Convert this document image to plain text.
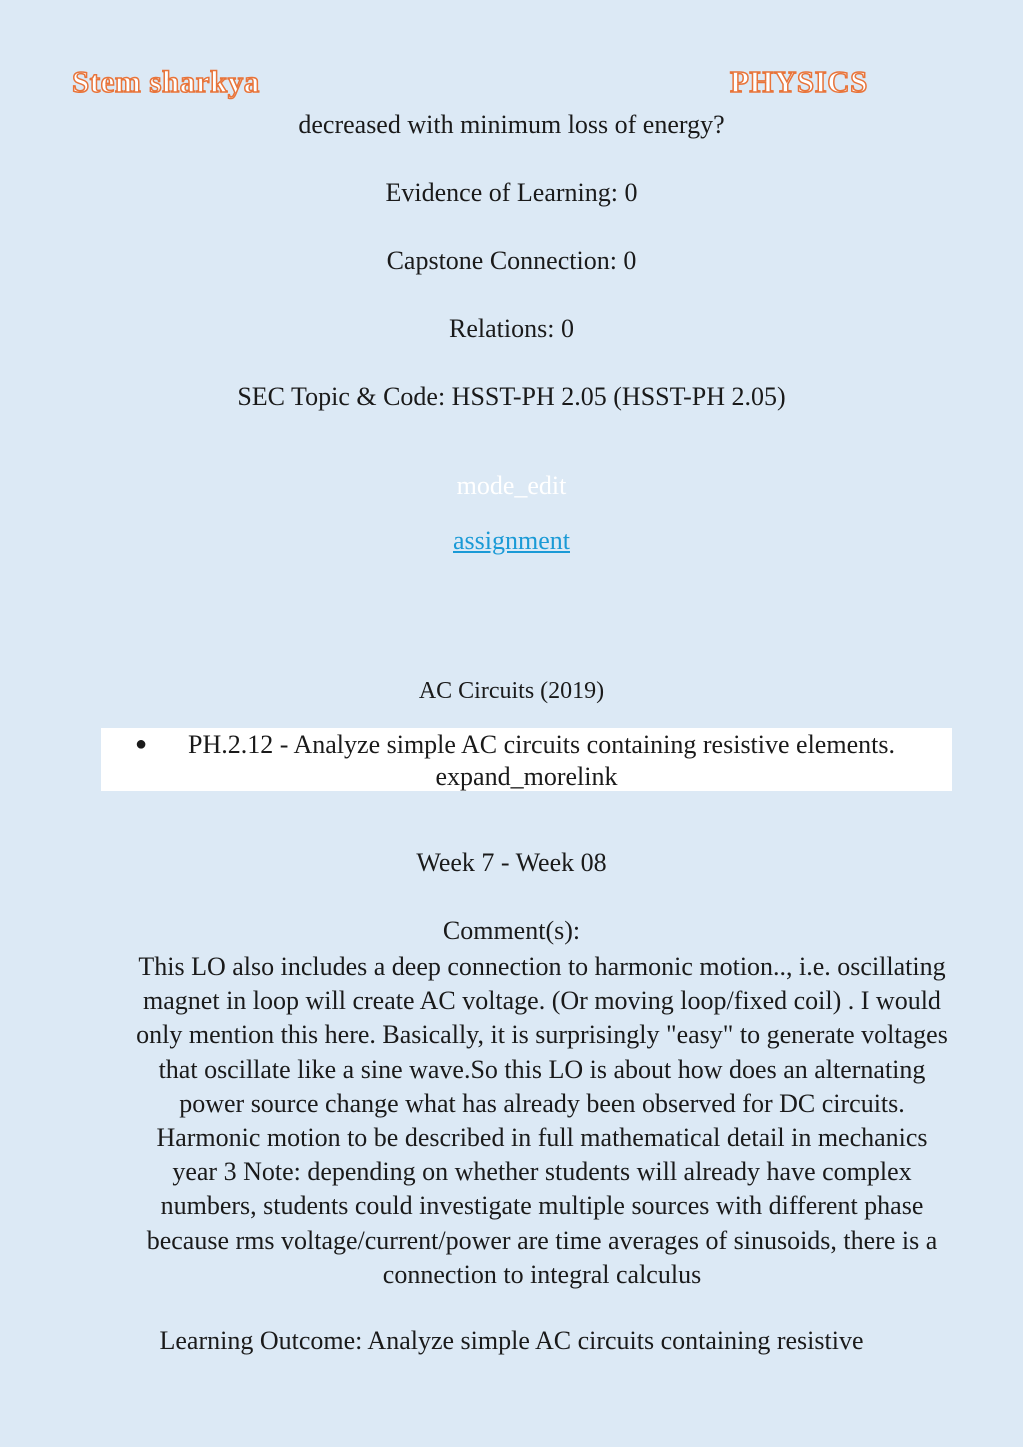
Stem sharkya	PHYSICS
decreased with minimum loss of energy?
Evidence of Learning: 0
Capstone Connection: 0
Relations: 0
SEC Topic & Code: HSST-PH 2.05 (HSST-PH 2.05)
mode_edit
assignment
AC Circuits (2019)
●	PH.2.12 - Analyze simple AC circuits containing resistive elements.
expand_morelink
Week 7 - Week 08
Comment(s):
This LO also includes a deep connection to harmonic motion.., i.e. oscillating magnet in loop will create AC voltage. (Or moving loop/fixed coil) . I would only mention this here. Basically, it is surprisingly "easy" to generate voltages that oscillate like a sine wave.So this LO is about how does an alternating power source change what has already been observed for DC circuits. Harmonic motion to be described in full mathematical detail in mechanics year 3 Note: depending on whether students will already have complex numbers, students could investigate multiple sources with different phase because rms voltage/current/power are time averages of sinusoids, there is a connection to integral calculus
Learning Outcome: Analyze simple AC circuits containing resistive
